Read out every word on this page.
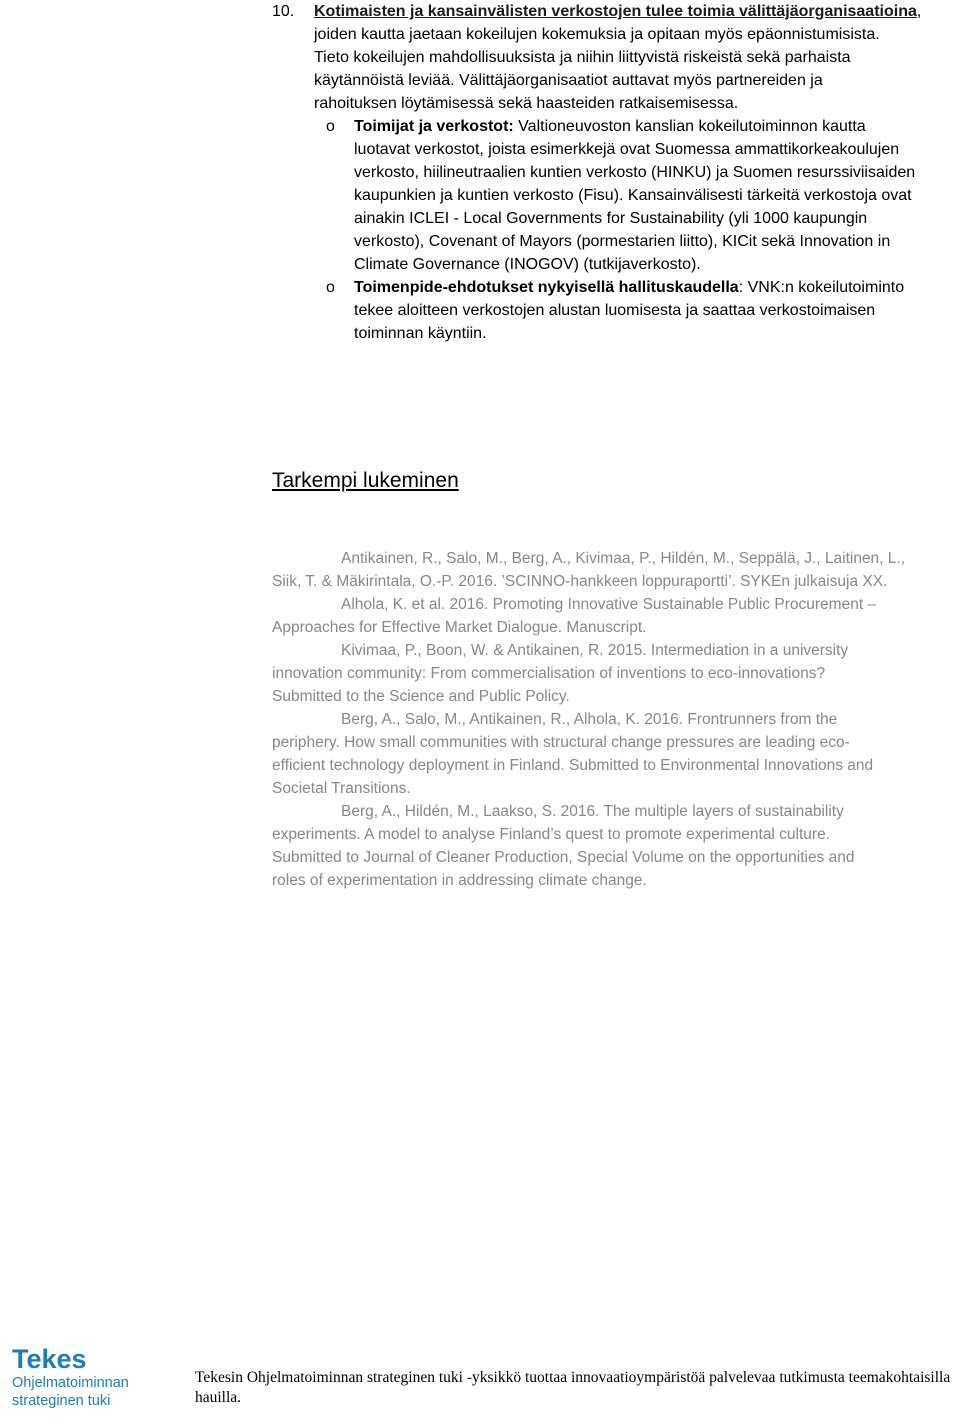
10. Kotimaisten ja kansainvälisten verkostojen tulee toimia välittäjäorganisaatioina,
joiden kautta jaetaan kokeilujen kokemuksia ja opitaan myös epäonnistumisista.
Tieto kokeilujen mahdollisuuksista ja niihin liittyvistä riskeistä sekä parhaista
käytännöistä leviää. Välittäjäorganisaatiot auttavat myös partnereiden ja
rahoituksen löytämisessä sekä haasteiden ratkaisemisessa.
o Toimijat ja verkostot: Valtioneuvoston kanslian kokeilutoiminnon kautta
luotavat verkostot, joista esimerkkejä ovat Suomessa ammattikorkeakoulujen
verkosto, hiilineutraalien kuntien verkosto (HINKU) ja Suomen resurssiviisaiden
kaupunkien ja kuntien verkosto (Fisu). Kansainvälisesti tärkeitä verkostoja ovat
ainakin ICLEI - Local Governments for Sustainability (yli 1000 kaupungin
verkosto), Covenant of Mayors (pormestarien liitto), KICit sekä Innovation in
Climate Governance (INOGOV) (tutkijaverkosto).
o Toimenpide-ehdotukset nykyisellä hallituskaudella: VNK:n kokeilutoiminto
tekee aloitteen verkostojen alustan luomisesta ja saattaa verkostoimaisen
toiminnan käyntiin.
Tarkempi lukeminen
Antikainen, R., Salo, M., Berg, A., Kivimaa, P., Hildén, M., Seppälä, J., Laitinen, L.,
Siik, T. & Mäkirintala, O.-P. 2016. ’SCINNO-hankkeen loppuraportti’. SYKEn julkaisuja XX.
Alhola, K. et al. 2016. Promoting Innovative Sustainable Public Procurement –
Approaches for Effective Market Dialogue. Manuscript.
Kivimaa, P., Boon, W. & Antikainen, R. 2015. Intermediation in a university
innovation community: From commercialisation of inventions to eco-innovations?
Submitted to the Science and Public Policy.
Berg, A., Salo, M., Antikainen, R., Alhola, K. 2016. Frontrunners from the
periphery. How small communities with structural change pressures are leading eco-
efficient technology deployment in Finland. Submitted to Environmental Innovations and
Societal Transitions.
Berg, A., Hildén, M., Laakso, S. 2016. The multiple layers of sustainability
experiments. A model to analyse Finland’s quest to promote experimental culture.
Submitted to Journal of Cleaner Production, Special Volume on the opportunities and
roles of experimentation in addressing climate change.
Tekes
Ohjelmatoiminnan
strateginen tuki
Tekesin Ohjelmatoiminnan strateginen tuki -yksikkö tuottaa innovaatioympäristöä palvelevaa tutkimusta teemakohtaisilla hauilla.
